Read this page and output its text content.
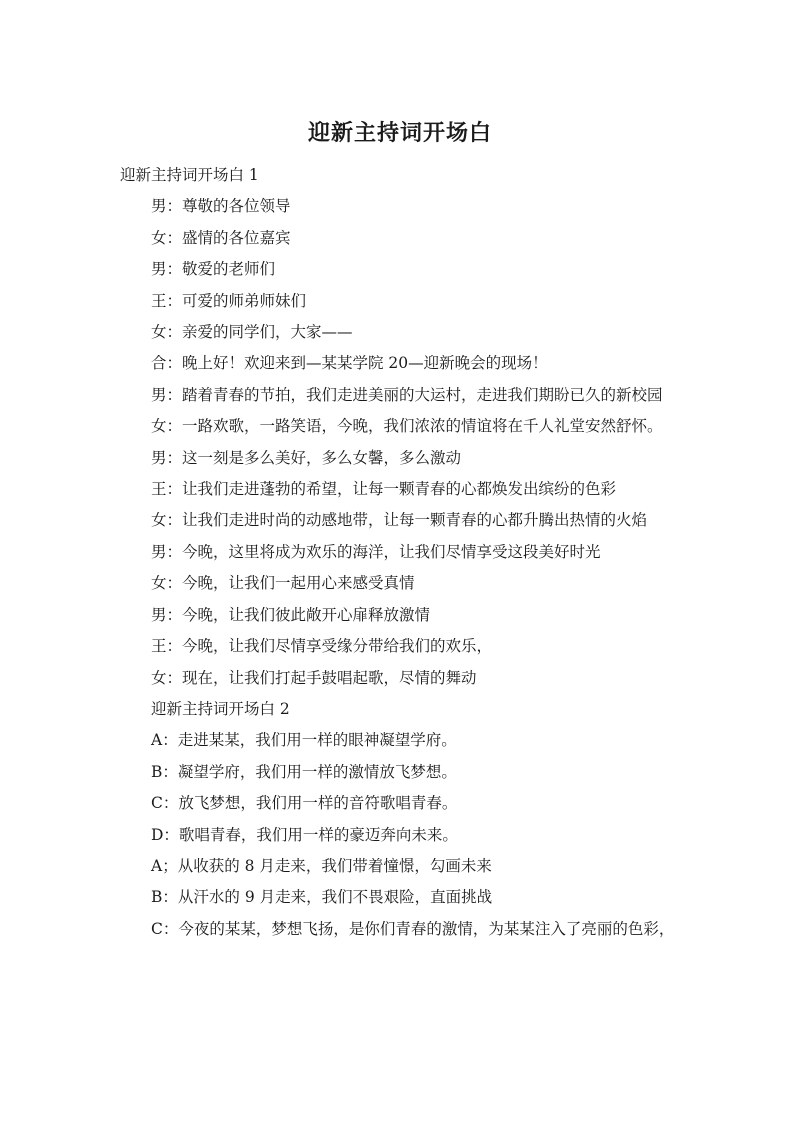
迎新主持词开场白
迎新主持词开场白 1
男：尊敬的各位领导
女：盛情的各位嘉宾
男：敬爱的老师们
王：可爱的师弟师妹们
女：亲爱的同学们，大家——
合：晚上好！欢迎来到—某某学院 20—迎新晚会的现场！
男：踏着青春的节拍，我们走进美丽的大运村，走进我们期盼已久的新校园
女：一路欢歌，一路笑语，今晚，我们浓浓的情谊将在千人礼堂安然舒怀。
男：这一刻是多么美好，多么女馨，多么激动
王：让我们走进蓬勃的希望，让每一颗青春的心都焕发出缤纷的色彩
女：让我们走进时尚的动感地带，让每一颗青春的心都升腾出热情的火焰
男：今晚，这里将成为欢乐的海洋，让我们尽情享受这段美好时光
女：今晚，让我们一起用心来感受真情
男：今晚，让我们彼此敞开心扉释放激情
王：今晚，让我们尽情享受缘分带给我们的欢乐，
女：现在，让我们打起手鼓唱起歌，尽情的舞动
迎新主持词开场白 2
A：走进某某，我们用一样的眼神凝望学府。
B：凝望学府，我们用一样的激情放飞梦想。
C：放飞梦想，我们用一样的音符歌唱青春。
D：歌唱青春，我们用一样的豪迈奔向未来。
A；从收获的 8 月走来，我们带着憧憬，勾画未来
B：从汗水的 9 月走来，我们不畏艰险，直面挑战
C：今夜的某某，梦想飞扬，是你们青春的激情，为某某注入了亮丽的色彩，
